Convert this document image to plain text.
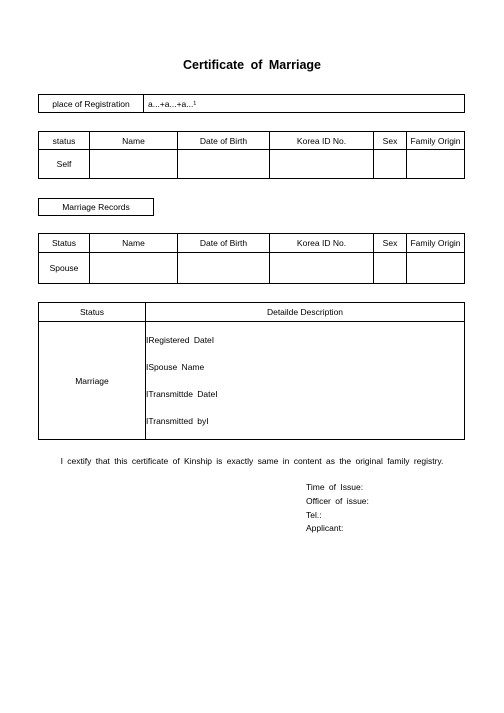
Certificate of Marriage
place of Registration	a...+a...+a...¹
status	Name	Date of Birth	Korea ID No.	Sex	Family Origin
Self					
Marriage Records
Status	Name	Date of Birth	Korea ID No.	Sex	Family Origin
Spouse					
Status	Detailde Description
Marriage	
IRegistered DateI
ISpouse Name
ITransmittde DateI
ITransmitted byI
I cextify that this certificate of Kinship is exactly same in content as the original family registry.
Time of Issue:
Officer of issue:
Tel.:
Applicant:
